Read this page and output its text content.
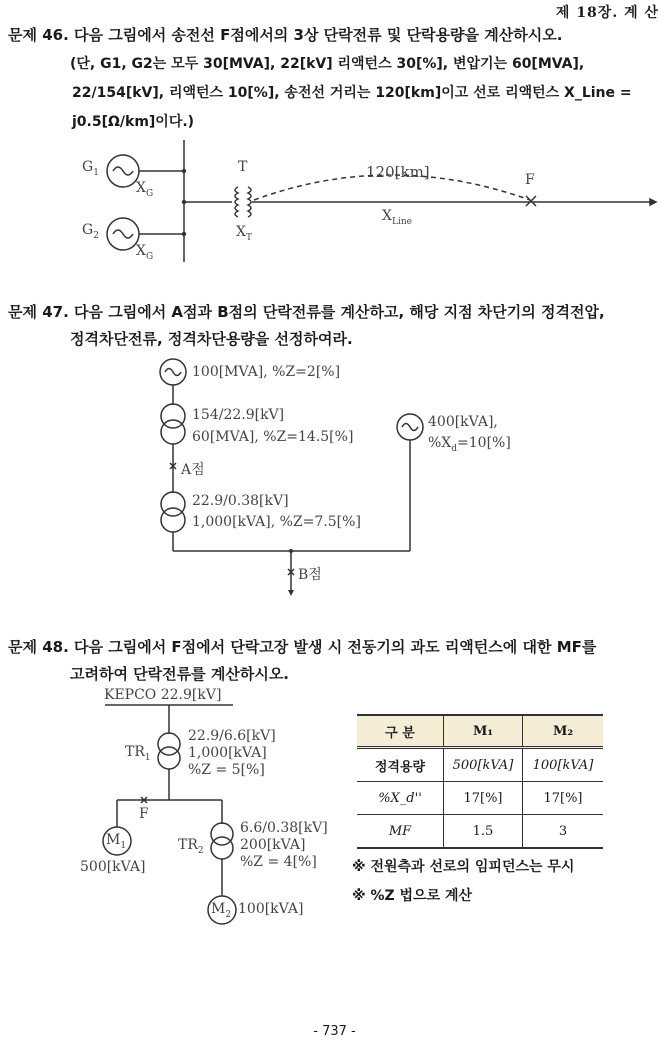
제 18장. 계 산
문제 46. 다음 그림에서 송전선 F점에서의 3상 단락전류 및 단락용량을 계산하시오.
(단, G1, G2는 모두 30[MVA], 22[kV] 리액턴스 30[%], 변압기는 60[MVA],
22/154[kV], 리액턴스 10[%], 송전선 거리는 120[km]이고 선로 리액턴스 X_Line =
j0.5[Ω/km]이다.)
$G_1$
$X_G$
$G_2$
$X_G$
T
$X_T$
120[km]	F
$X_{Line}$
문제 47. 다음 그림에서 A점과 B점의 단락전류를 계산하고, 해당 지점 차단기의 정격전압,
정격차단전류, 정격차단용량을 선정하여라.
100[MVA], %Z=2[%]
154/22.9[kV]
60[MVA], %Z=14.5[%]
A점
22.9/0.38[kV]
1,000[kVA], %Z=7.5[%]
400[kVA],
$\%X_d=10[\%]$
B점
문제 48. 다음 그림에서 F점에서 단락고장 발생 시 전동기의 과도 리액턴스에 대한 MF를
고려하여 단락전류를 계산하시오.
KEPCO 22.9[kV]
$TR_1$
22.9/6.6[kV]
1,000[kVA]
%Z = 5[%]
F
$M_1$
500[kVA]
$TR_2$
6.6/0.38[kV]
200[kVA]
%Z = 4[%]
$M_2$ 100[kVA]
구 분	M₁	M₂
정격용량	500[kVA]	100[kVA]
%X_d''	17[%]	17[%]
MF	1.5	3
※ 전원측과 선로의 임피던스는 무시
※ %Z 법으로 계산
- 737 -
